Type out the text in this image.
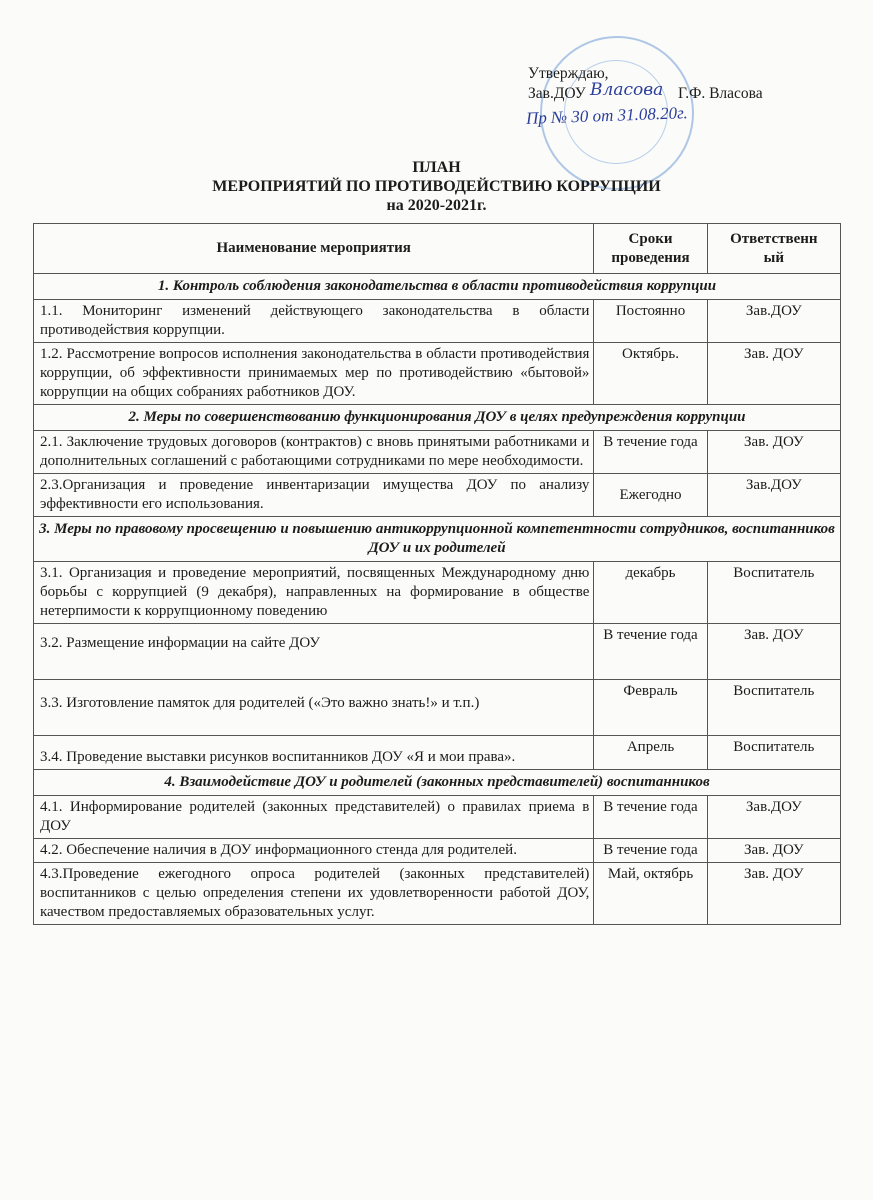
Утверждаю,
Зав.ДОУ Власова Г.Ф. Власова
Пр № 30 от 31.08.20г.
ПЛАН
МЕРОПРИЯТИЙ ПО ПРОТИВОДЕЙСТВИЮ КОРРУПЦИИ
на 2020-2021г.
Наименование мероприятия	Сроки проведения	Ответственн
ый
1. Контроль соблюдения законодательства в области противодействия коррупции		
1.1. Мониторинг изменений действующего законодательства в области противодействия коррупции.	Постоянно	Зав.ДОУ
1.2. Рассмотрение вопросов исполнения законодательства в области противодействия коррупции, об эффективности принимаемых мер по противодействию «бытовой» коррупции на общих собраниях работников ДОУ.	Октябрь.	Зав. ДОУ
2. Меры по совершенствованию функционирования ДОУ в целях предупреждения коррупции		
2.1. Заключение трудовых договоров (контрактов) с вновь принятыми работниками и дополнительных соглашений с работающими сотрудниками по мере необходимости.	В течение года	Зав. ДОУ
2.3.Организация и проведение инвентаризации имущества ДОУ по анализу эффективности его использования.	Ежегодно	Зав.ДОУ
3. Меры по правовому просвещению и повышению антикоррупционной компетентности сотрудников, воспитанников ДОУ и их родителей		
3.1. Организация и проведение мероприятий, посвященных Международному дню борьбы с коррупцией (9 декабря), направленных на формирование в обществе нетерпимости к коррупционному поведению	декабрь	Воспитатель
3.2. Размещение информации на сайте ДОУ	В течение года	Зав. ДОУ
3.3. Изготовление памяток для родителей («Это важно знать!» и т.п.)	Февраль	Воспитатель
3.4. Проведение выставки рисунков воспитанников ДОУ «Я и мои права».	Апрель	Воспитатель
4. Взаимодействие ДОУ и родителей (законных представителей) воспитанников		
4.1. Информирование родителей (законных представителей) о правилах приема в ДОУ	В течение года	Зав.ДОУ
4.2. Обеспечение наличия в ДОУ информационного стенда для родителей.	В течение года	Зав. ДОУ
4.3.Проведение ежегодного опроса родителей (законных представителей) воспитанников с целью определения степени их удовлетворенности работой ДОУ, качеством предоставляемых образовательных услуг.	Май, октябрь	Зав. ДОУ
